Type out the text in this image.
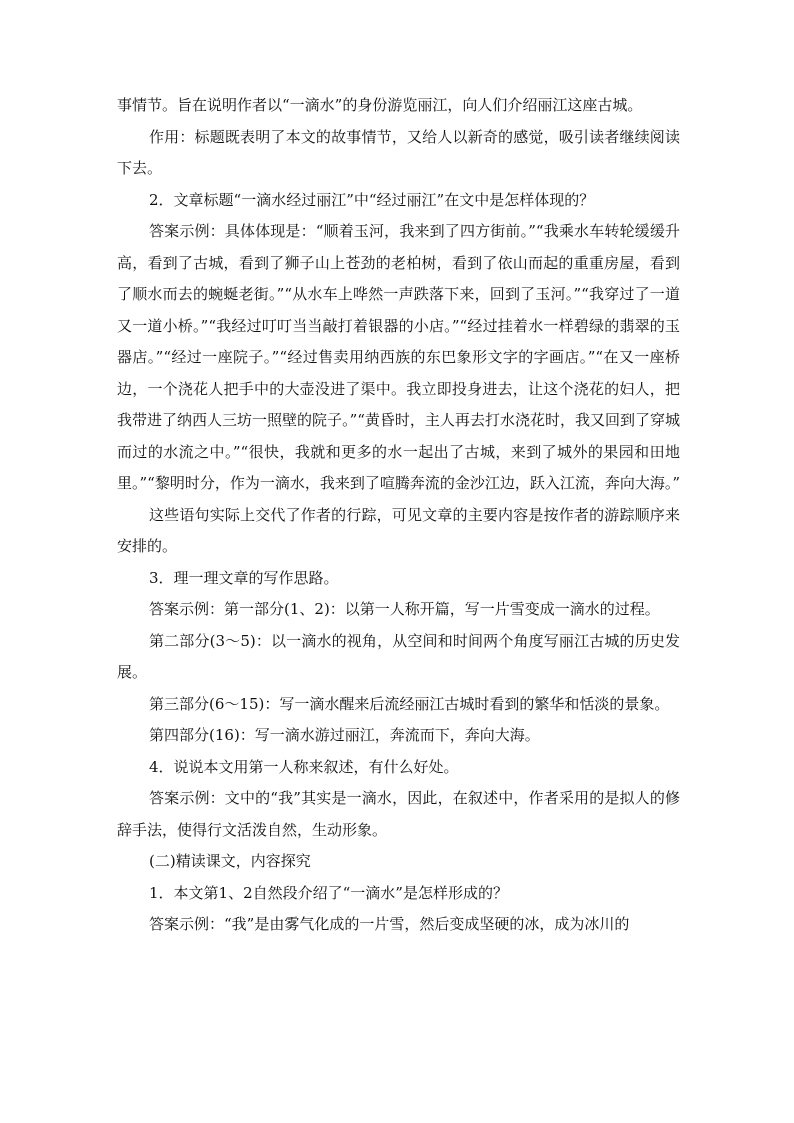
事情节。旨在说明作者以“一滴水”的身份游览丽江，向人们介绍丽江这座古城。

作用：标题既表明了本文的故事情节，又给人以新奇的感觉，吸引读者继续阅读下去。

2．文章标题“一滴水经过丽江”中“经过丽江”在文中是怎样体现的？

答案示例：具体体现是：“顺着玉河，我来到了四方街前。”“我乘水车转轮缓缓升高，看到了古城，看到了狮子山上苍劲的老柏树，看到了依山而起的重重房屋，看到了顺水而去的蜿蜒老街。”“从水车上哗然一声跌落下来，回到了玉河。”“我穿过了一道又一道小桥。”“我经过叮叮当当敲打着银器的小店。”“经过挂着水一样碧绿的翡翠的玉器店。”“经过一座院子。”“经过售卖用纳西族的东巴象形文字的字画店。”“在又一座桥边，一个浇花人把手中的大壶没进了渠中。我立即投身进去，让这个浇花的妇人，把我带进了纳西人三坊一照壁的院子。”“黄昏时，主人再去打水浇花时，我又回到了穿城而过的水流之中。”“很快，我就和更多的水一起出了古城，来到了城外的果园和田地里。”“黎明时分，作为一滴水，我来到了喧腾奔流的金沙江边，跃入江流，奔向大海。”

这些语句实际上交代了作者的行踪，可见文章的主要内容是按作者的游踪顺序来安排的。

3．理一理文章的写作思路。

答案示例：第一部分(1、2)：以第一人称开篇，写一片雪变成一滴水的过程。

第二部分(3～5)：以一滴水的视角，从空间和时间两个角度写丽江古城的历史发展。

第三部分(6～15)：写一滴水醒来后流经丽江古城时看到的繁华和恬淡的景象。

第四部分(16)：写一滴水游过丽江，奔流而下，奔向大海。

4．说说本文用第一人称来叙述，有什么好处。

答案示例：文中的“我”其实是一滴水，因此，在叙述中，作者采用的是拟人的修辞手法，使得行文活泼自然，生动形象。

(二)精读课文，内容探究

1．本文第1、2自然段介绍了“一滴水”是怎样形成的？

答案示例：“我”是由雾气化成的一片雪，然后变成坚硬的冰，成为冰川的
